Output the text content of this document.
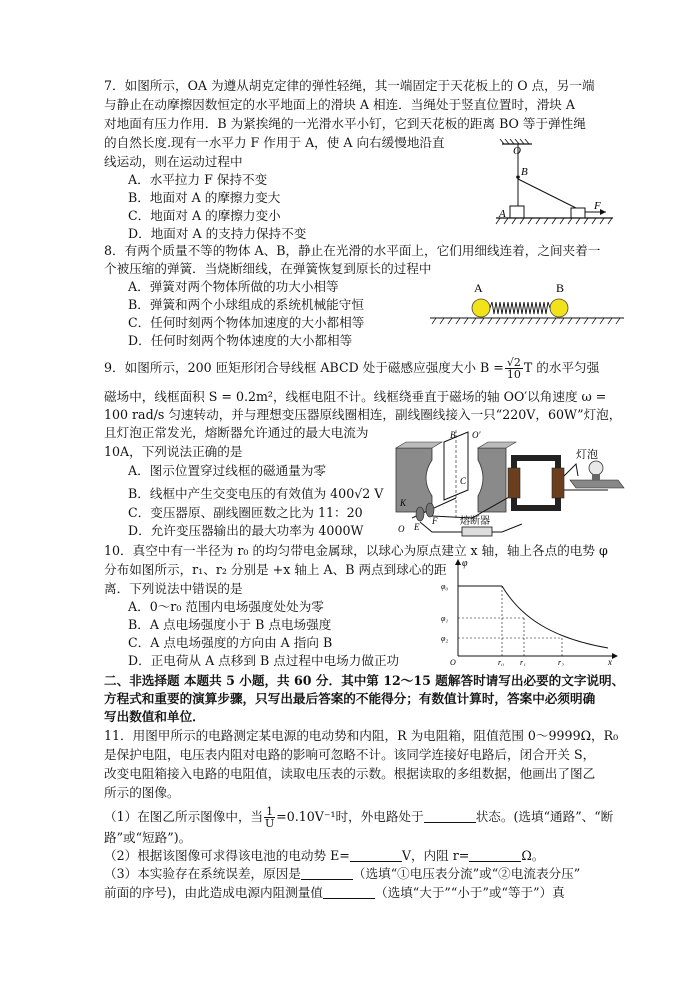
7．如图所示，OA 为遵从胡克定律的弹性轻绳，其一端固定于天花板上的 O 点，另一端
与静止在动摩擦因数恒定的水平地面上的滑块 A 相连．当绳处于竖直位置时，滑块 A
对地面有压力作用．B 为紧挨绳的一光滑水平小钉，它到天花板的距离 BO 等于弹性绳
的自然长度.现有一水平力 F 作用于 A，使 A 向右缓慢地沿直
线运动，则在运动过程中
A．水平拉力 F 保持不变
B．地面对 A 的摩擦力变大
C．地面对 A 的摩擦力变小
D．地面对 A 的支持力保持不变
O
B
A
F
8．有两个质量不等的物体 A、B，静止在光滑的水平面上，它们用细线连着，之间夹着一
个被压缩的弹簧．当烧断细线，在弹簧恢复到原长的过程中
A．弹簧对两个物体所做的功大小相等
B．弹簧和两个小球组成的系统机械能守恒
C．任何时刻两个物体加速度的大小都相等
D．任何时刻两个物体速度的大小都相等
A	B
9．如图所示，200 匝矩形闭合导线框 ABCD 处于磁感应强度大小 $B = \frac{√2}{10}$ T 的水平匀强
磁场中，线框面积 S = 0.2m²，线框电阻不计。线框绕垂直于磁场的轴 OO′以角速度 ω =
100 rad/s 匀速转动，并与理想变压器原线圈相连，副线圈线接入一只“220V，60W”灯泡，
且灯泡正常发光，熔断器允许通过的最大电流为
10A，下列说法正确的是
A．图示位置穿过线框的磁通量为零
B．线框中产生交变电压的有效值为 400√2 V
C．变压器原、副线圈匝数之比为 11：20
D．允许变压器输出的最大功率为 4000W
灯泡
熔断器
B
C
O′
O
K
E
F
10．真空中有一半径为 r₀ 的均匀带电金属球，以球心为原点建立 x 轴，轴上各点的电势 φ
分布如图所示，r₁、r₂ 分别是 +x 轴上 A、B 两点到球心的距
离．下列说法中错误的是
A．0～r₀ 范围内电场强度处处为零
B．A 点电场强度小于 B 点电场强度
C．A 点电场强度的方向由 A 指向 B
D．正电荷从 A 点移到 B 点过程中电场力做正功
φ
φ₀
φ₁
φ₂
O	r₀ r₁	r₂	x
二、非选择题 本题共 5 小题，共 60 分．其中第 12～15 题解答时请写出必要的文字说明、
方程式和重要的演算步骤，只写出最后答案的不能得分；有数值计算时，答案中必须明确
写出数值和单位．
11．用图甲所示的电路测定某电源的电动势和内阻，R 为电阻箱，阻值范围 0～9999Ω，R₀
是保护电阻，电压表内阻对电路的影响可忽略不计。该同学连接好电路后，闭合开关 S，
改变电阻箱接入电路的电阻值，读取电压表的示数。根据读取的多组数据，他画出了图乙
所示的图像。
（1）在图乙所示图像中，当 $\frac{1}{U} =0.10V^{-1}$时，外电路处于	状态。(选填“通路”、“断
路”或“短路”)。
（2）根据该图像可求得该电池的电动势 E=	V，内阻 r=	Ω。
（3）本实验存在系统误差，原因是	（选填“①电压表分流”或“②电流表分压”
前面的序号)，由此造成电源内阻测量值	（选填“大于”“小于”或“等于”）真
